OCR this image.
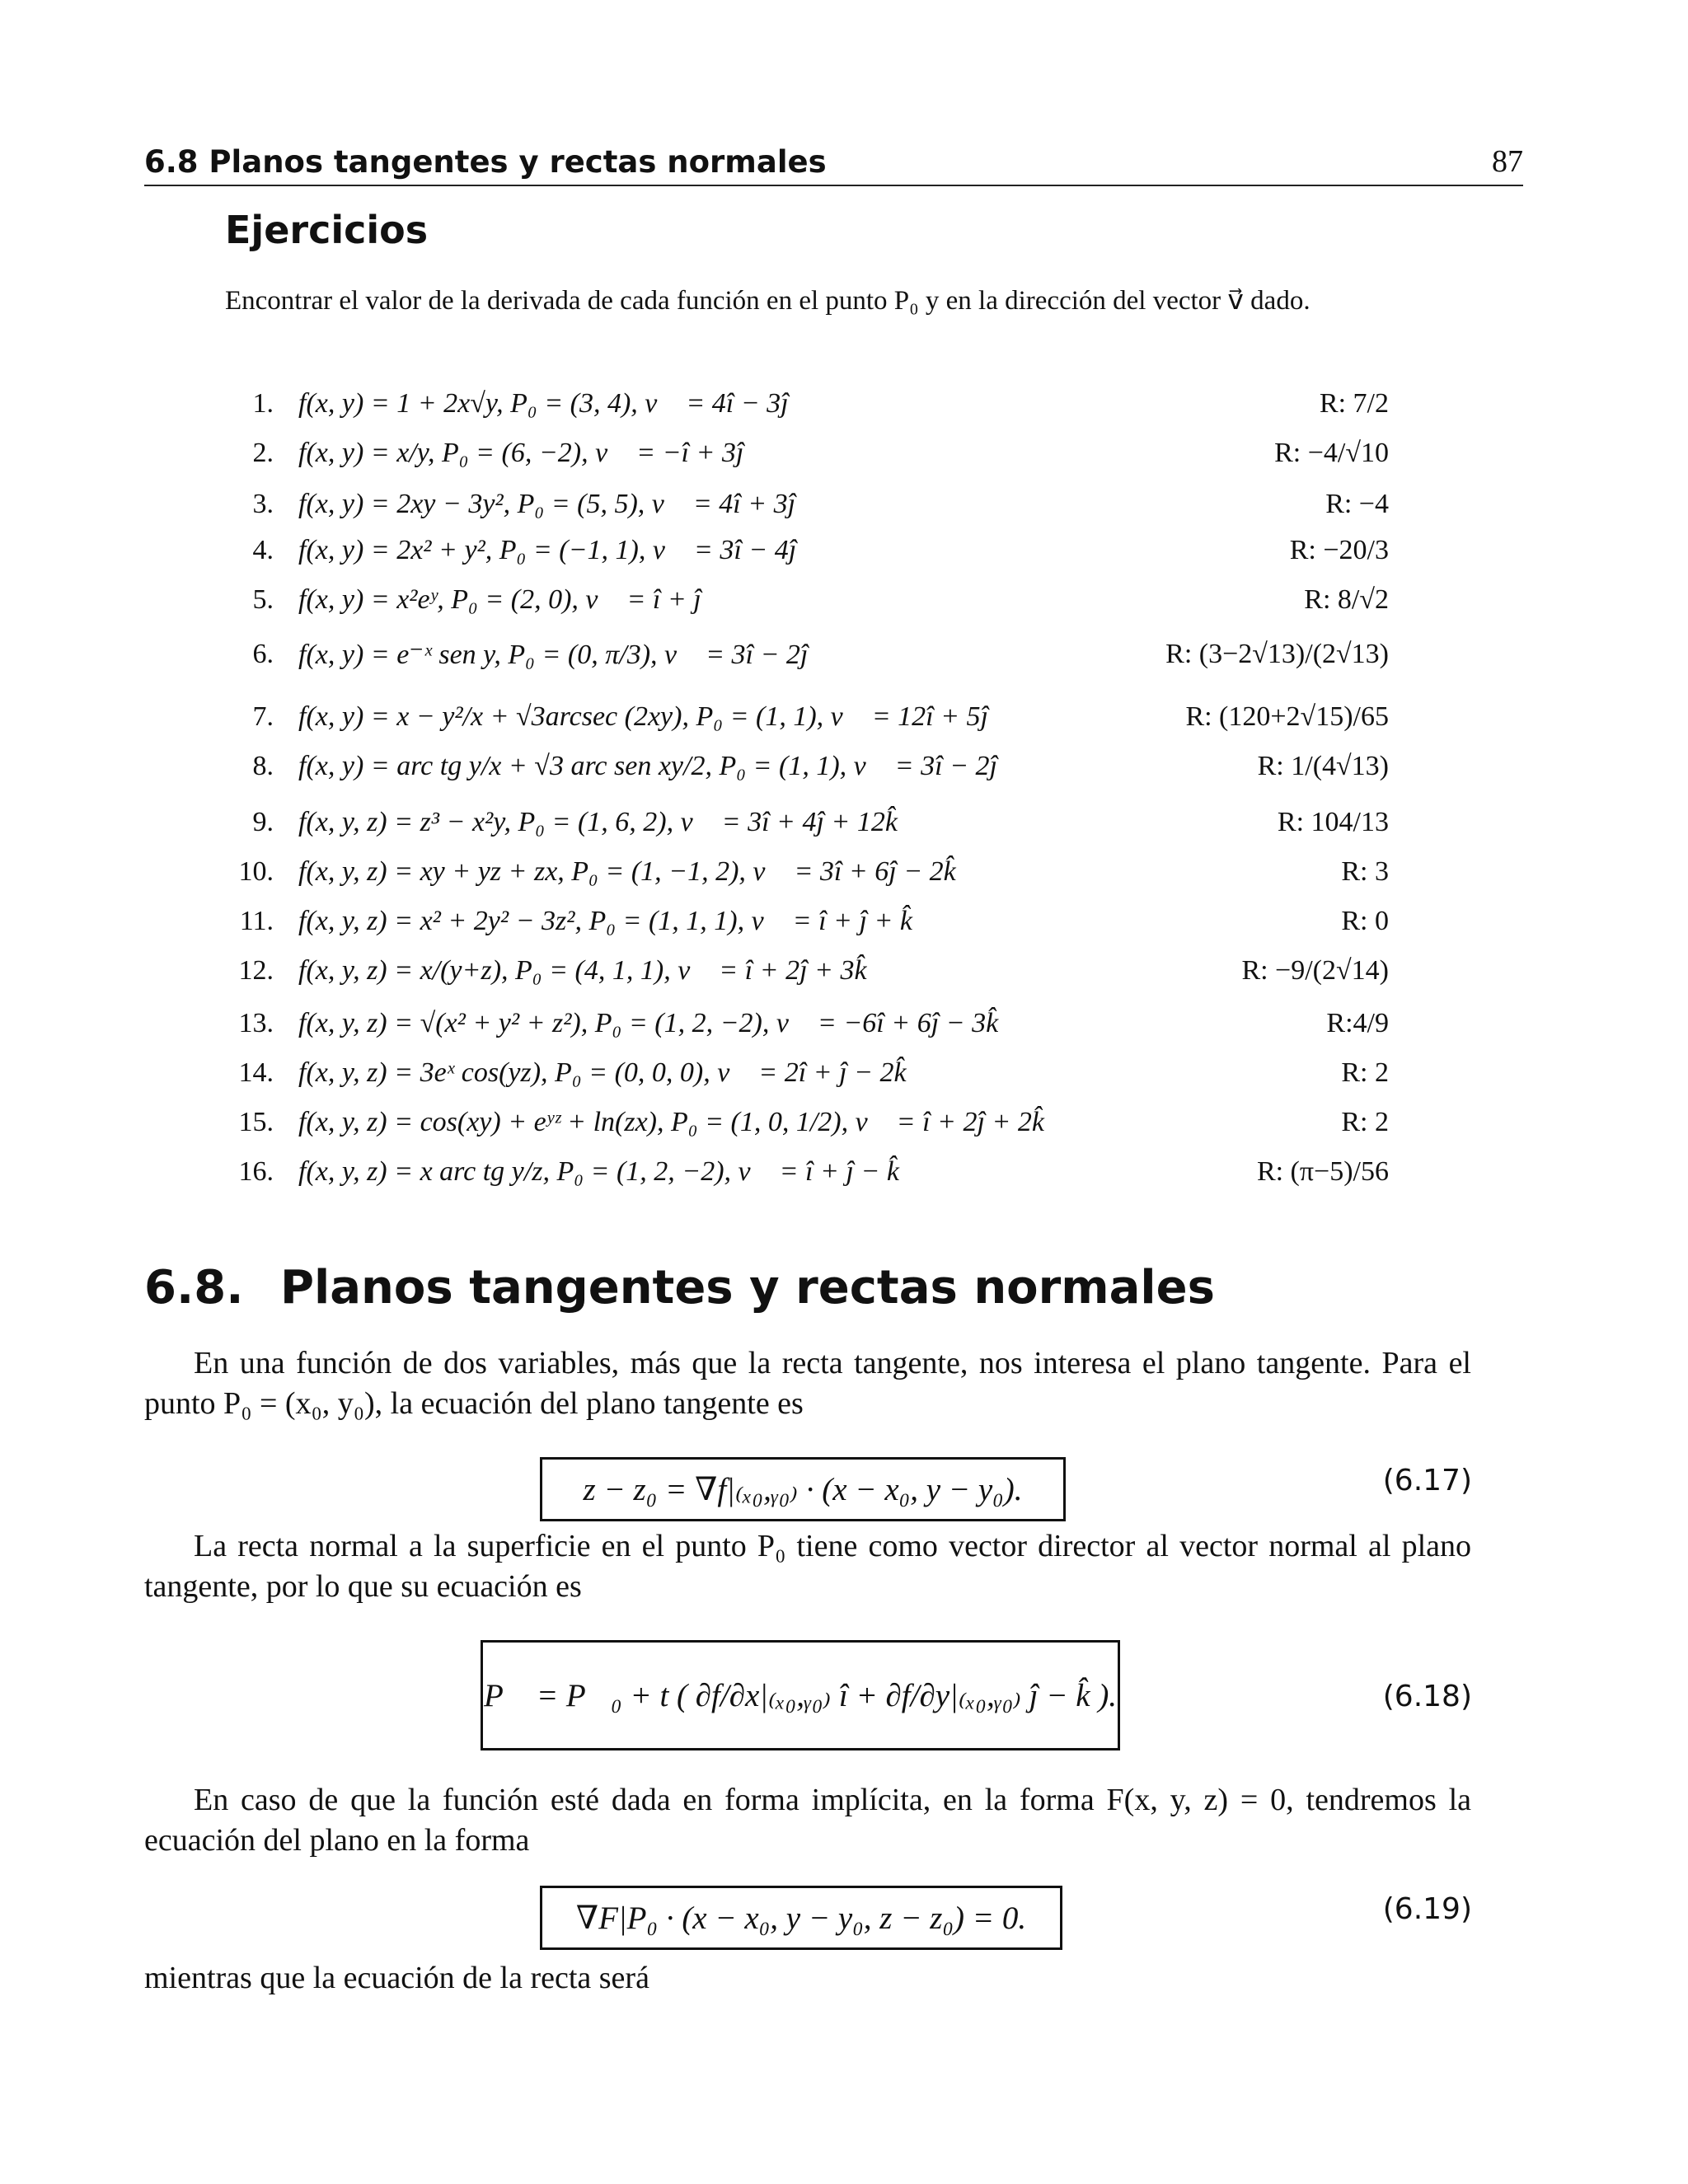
6.8 Planos tangentes y rectas normales	87
Ejercicios
Encontrar el valor de la derivada de cada función en el punto P₀ y en la dirección del vector v⃗ dado.
1. f(x, y) = 1 + 2x√y, P₀ = (3, 4), v⃗ = 4î − 3ĵ	R: 7/2
2. f(x, y) = x/y, P₀ = (6, −2), v⃗ = −î + 3ĵ	R: −4/√10
3. f(x, y) = 2xy − 3y², P₀ = (5, 5), v⃗ = 4î + 3ĵ	R: −4
4. f(x, y) = 2x² + y², P₀ = (−1, 1), v⃗ = 3î − 4ĵ	R: −20/3
5. f(x, y) = x²eʸ, P₀ = (2, 0), v⃗ = î + ĵ	R: 8/√2
6. f(x, y) = e⁻ˣ sen y, P₀ = (0, π/3), v⃗ = 3î − 2ĵ	R: (3−2√13)/(2√13)
7. f(x, y) = x − y²/x + √3arcsec (2xy), P₀ = (1, 1), v⃗ = 12î + 5ĵ	R: (120+2√15)/65
8. f(x, y) = arc tg y/x + √3 arc sen xy/2, P₀ = (1, 1), v⃗ = 3î − 2ĵ	R: 1/(4√13)
9. f(x, y, z) = z³ − x²y, P₀ = (1, 6, 2), v⃗ = 3î + 4ĵ + 12k̂	R: 104/13
10. f(x, y, z) = xy + yz + zx, P₀ = (1, −1, 2), v⃗ = 3î + 6ĵ − 2k̂	R: 3
11. f(x, y, z) = x² + 2y² − 3z², P₀ = (1, 1, 1), v⃗ = î + ĵ + k̂	R: 0
12. f(x, y, z) = x/(y+z), P₀ = (4, 1, 1), v⃗ = î + 2ĵ + 3k̂	R: −9/(2√14)
13. f(x, y, z) = √(x² + y² + z²), P₀ = (1, 2, −2), v⃗ = −6î + 6ĵ − 3k̂	R:4/9
14. f(x, y, z) = 3eˣ cos(yz), P₀ = (0, 0, 0), v⃗ = 2î + ĵ − 2k̂	R: 2
15. f(x, y, z) = cos(xy) + eʸᶻ + ln(zx), P₀ = (1, 0, 1/2), v⃗ = î + 2ĵ + 2k̂	R: 2
16. f(x, y, z) = x arc tg y/z, P₀ = (1, 2, −2), v⃗ = î + ĵ − k̂	R: (π−5)/56
6.8. Planos tangentes y rectas normales
En una función de dos variables, más que la recta tangente, nos interesa el plano tangente. Para el punto P₀ = (x₀, y₀), la ecuación del plano tangente es
z − z₀ = ∇f|₍ₓ₀,ᵧ₀₎ · (x − x₀, y − y₀).	(6.17)
La recta normal a la superficie en el punto P₀ tiene como vector director al vector normal al plano tangente, por lo que su ecuación es
P⃗ = P⃗₀ + t ( ∂f/∂x|₍ₓ₀,ᵧ₀₎ î + ∂f/∂y|₍ₓ₀,ᵧ₀₎ ĵ − k̂ ).	(6.18)
En caso de que la función esté dada en forma implícita, en la forma F(x, y, z) = 0, tendremos la ecuación del plano en la forma
∇F|P₀ · (x − x₀, y − y₀, z − z₀) = 0.	(6.19)
mientras que la ecuación de la recta será
